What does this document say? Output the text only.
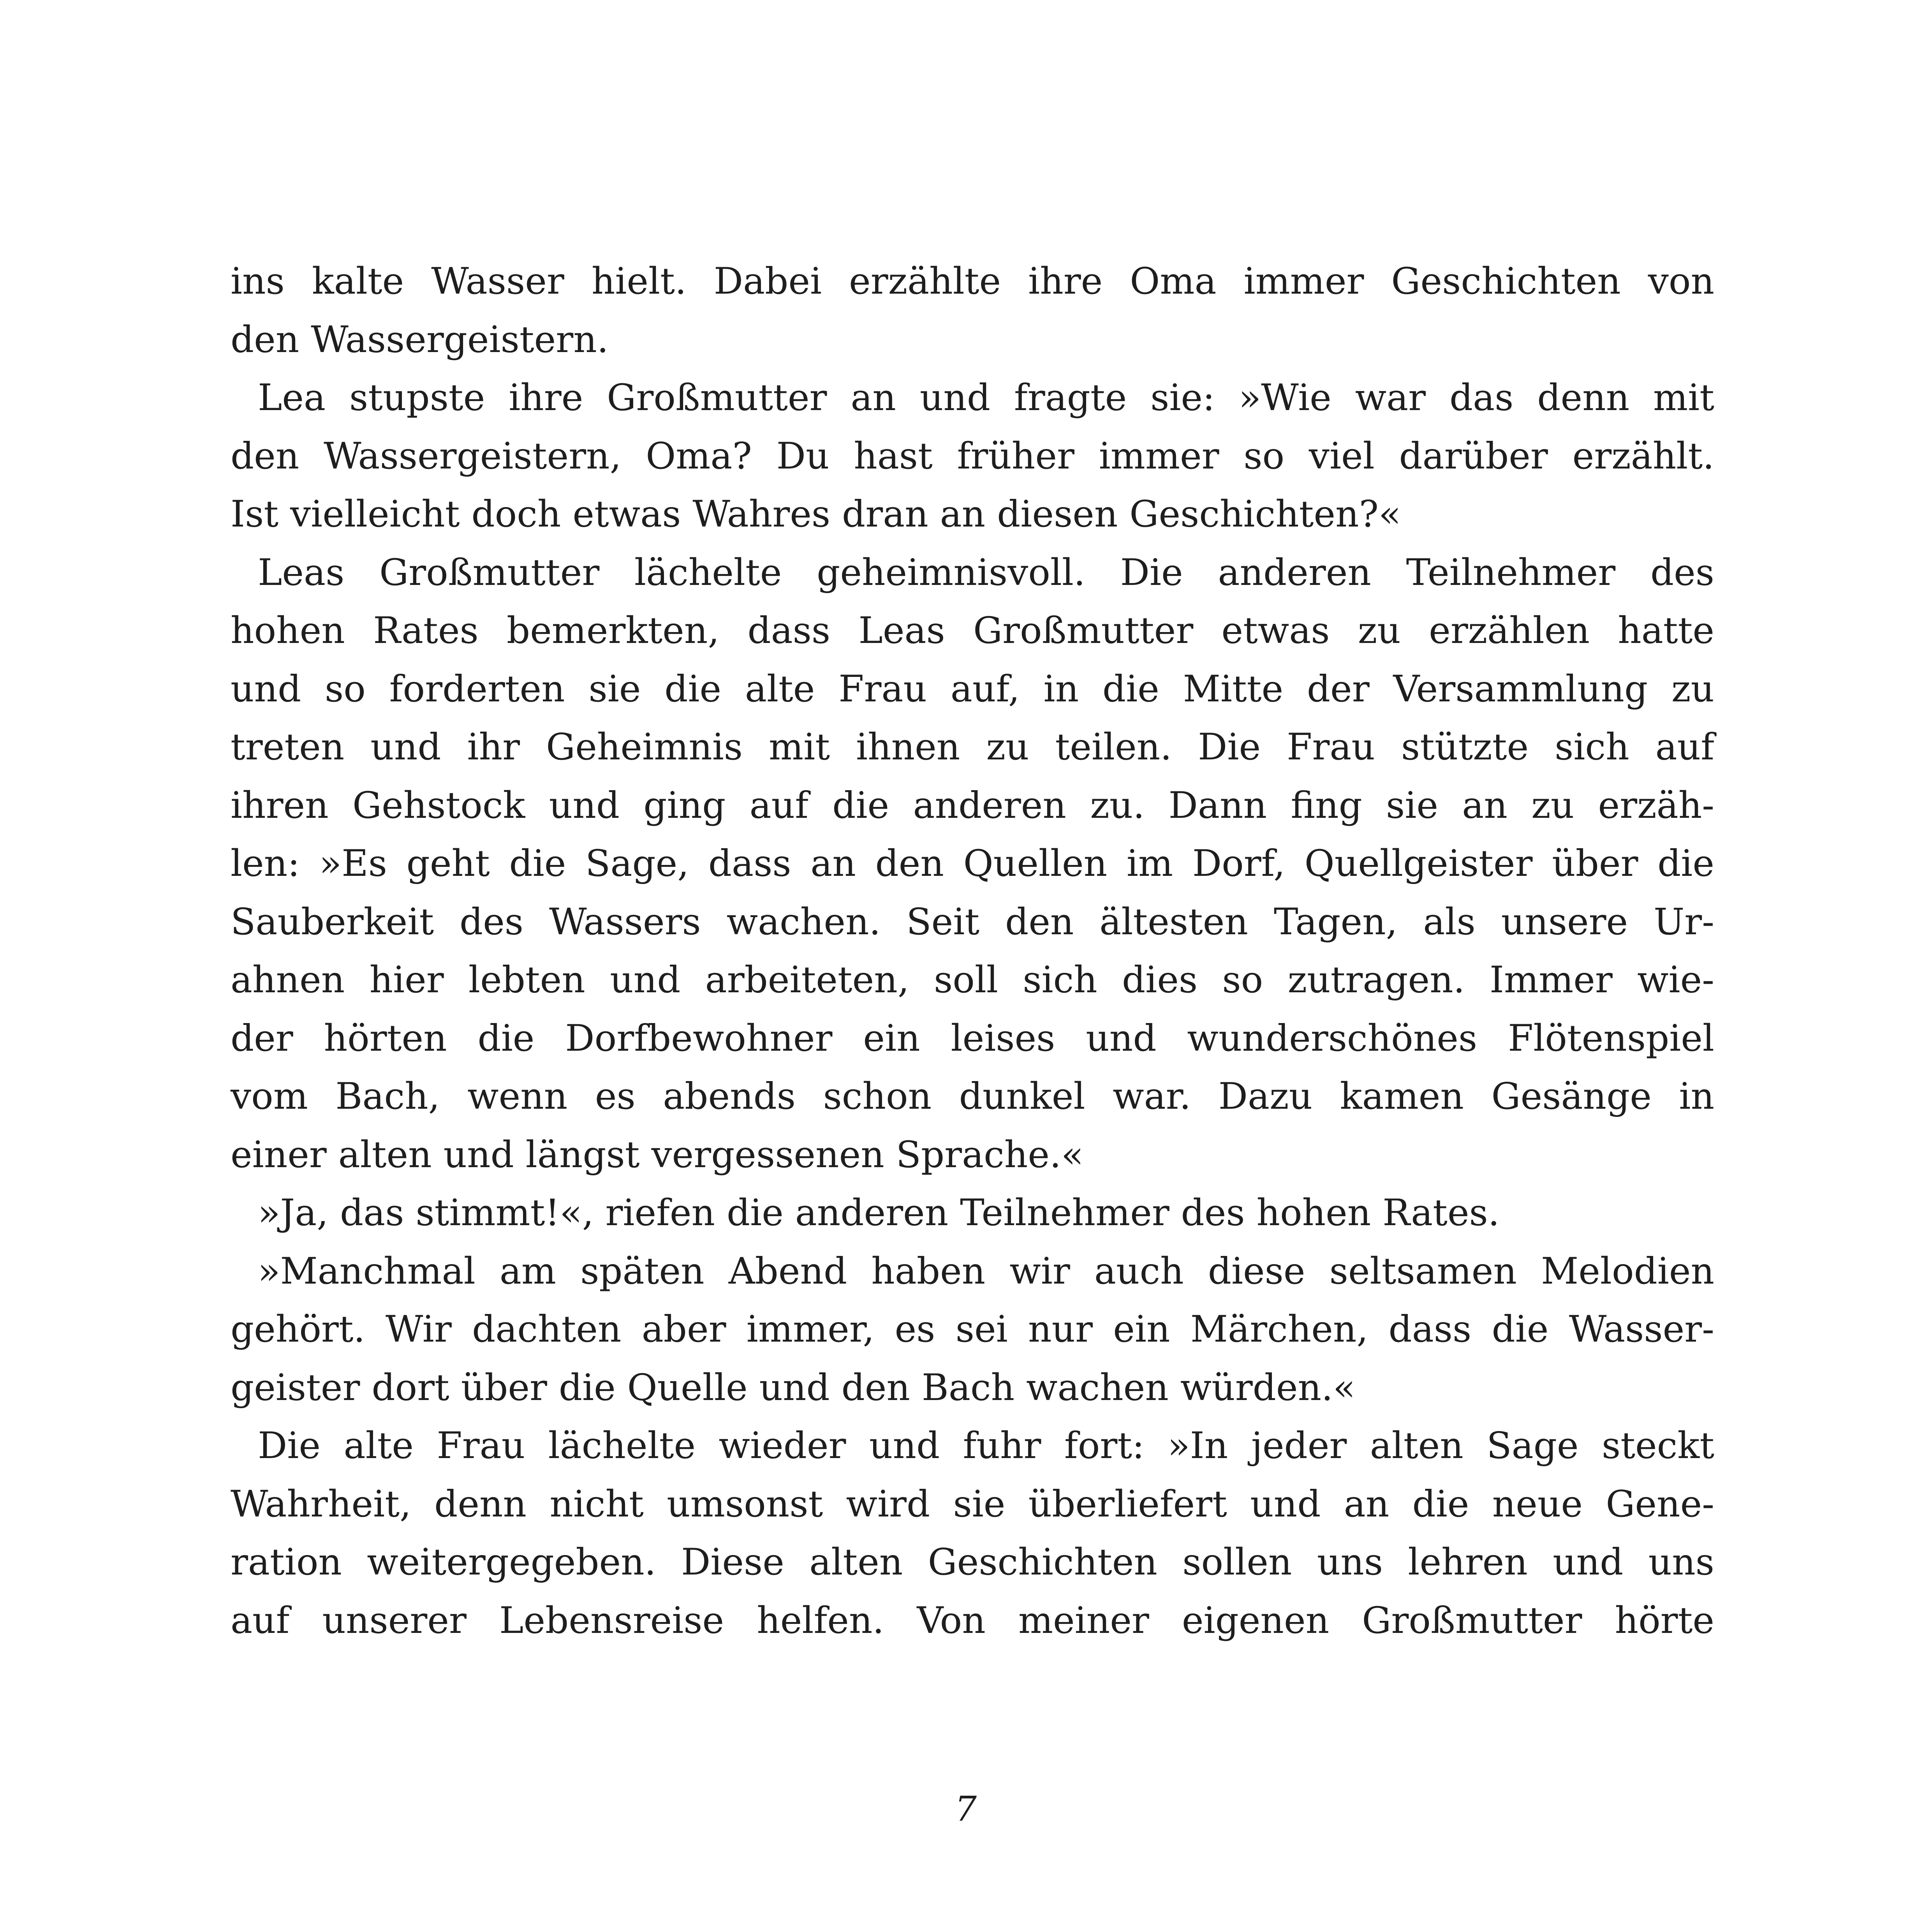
ins kalte Wasser hielt. Dabei erzählte ihre Oma immer Geschichten von
den Wassergeistern.
Lea stupste ihre Großmutter an und fragte sie: »Wie war das denn mit
den Wassergeistern, Oma? Du hast früher immer so viel darüber erzählt.
Ist vielleicht doch etwas Wahres dran an diesen Geschichten?«
Leas Großmutter lächelte geheimnisvoll. Die anderen Teilnehmer des
hohen Rates bemerkten, dass Leas Großmutter etwas zu erzählen hatte
und so forderten sie die alte Frau auf, in die Mitte der Versammlung zu
treten und ihr Geheimnis mit ihnen zu teilen. Die Frau stützte sich auf
ihren Gehstock und ging auf die anderen zu. Dann fing sie an zu erzäh-
len: »Es geht die Sage, dass an den Quellen im Dorf, Quellgeister über die
Sauberkeit des Wassers wachen. Seit den ältesten Tagen, als unsere Ur-
ahnen hier lebten und arbeiteten, soll sich dies so zutragen. Immer wie-
der hörten die Dorfbewohner ein leises und wunderschönes Flötenspiel
vom Bach, wenn es abends schon dunkel war. Dazu kamen Gesänge in
einer alten und längst vergessenen Sprache.«
»Ja, das stimmt!«, riefen die anderen Teilnehmer des hohen Rates.
»Manchmal am späten Abend haben wir auch diese seltsamen Melodien
gehört. Wir dachten aber immer, es sei nur ein Märchen, dass die Wasser-
geister dort über die Quelle und den Bach wachen würden.«
Die alte Frau lächelte wieder und fuhr fort: »In jeder alten Sage steckt
Wahrheit, denn nicht umsonst wird sie überliefert und an die neue Gene-
ration weitergegeben. Diese alten Geschichten sollen uns lehren und uns
auf unserer Lebensreise helfen. Von meiner eigenen Großmutter hörte
7
